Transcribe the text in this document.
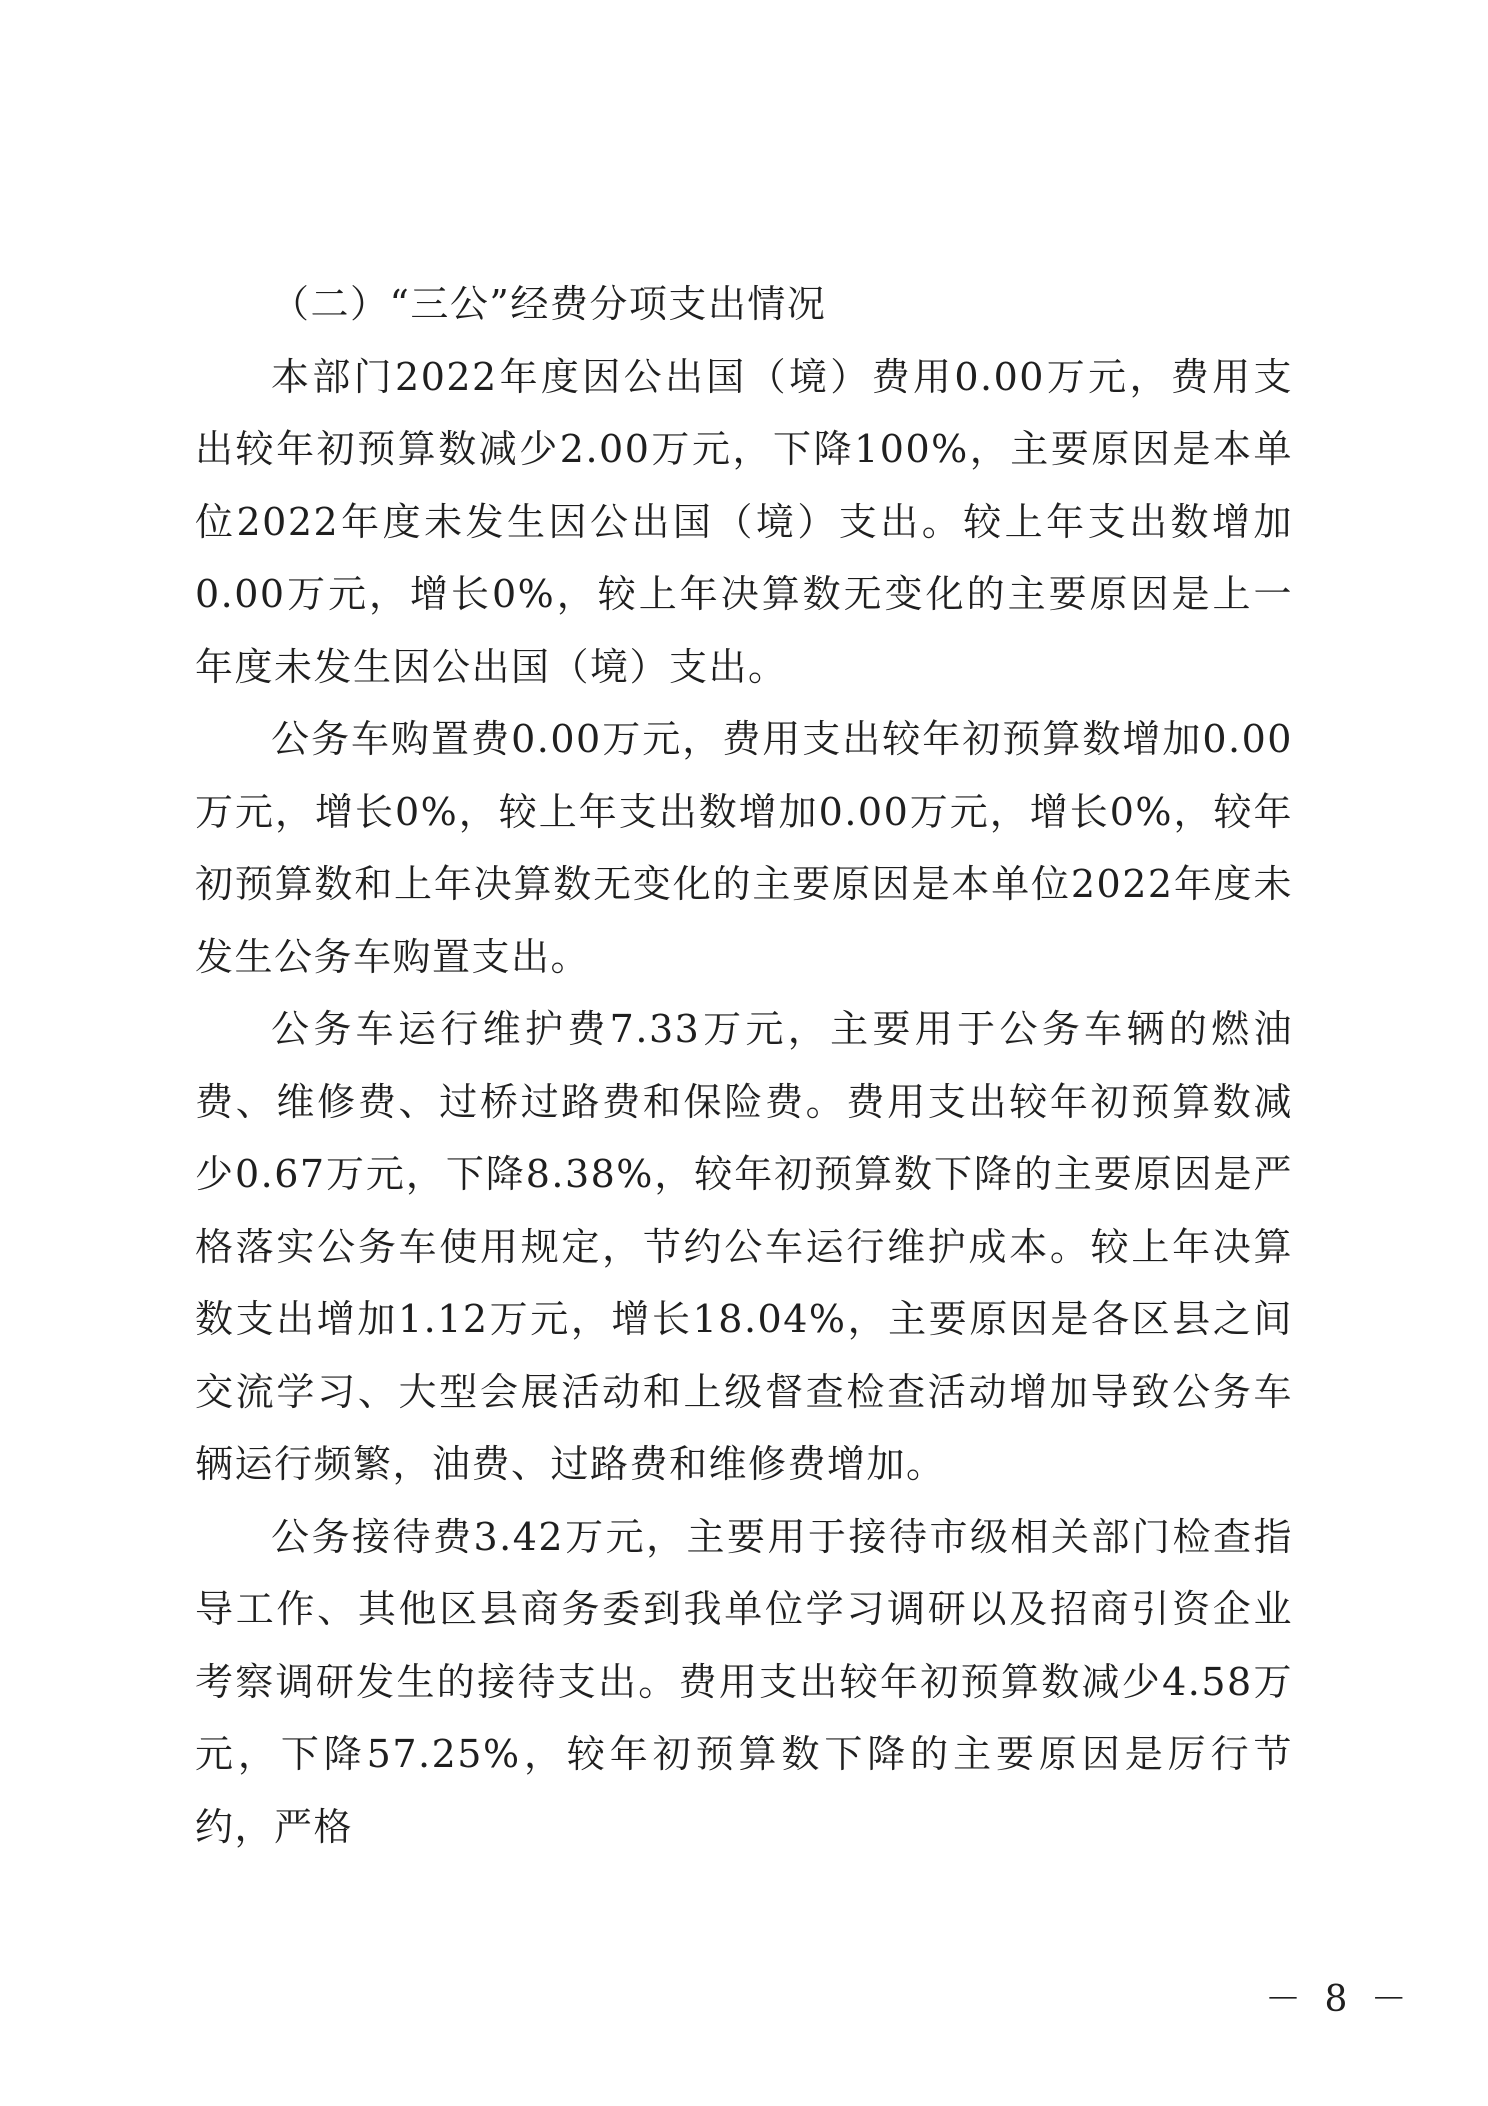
（二）“三公”经费分项支出情况

本部门2022年度因公出国（境）费用0.00万元，费用支出较年初预算数减少2.00万元，下降100%，主要原因是本单位2022年度未发生因公出国（境）支出。较上年支出数增加0.00万元，增长0%，较上年决算数无变化的主要原因是上一年度未发生因公出国（境）支出。

公务车购置费0.00万元，费用支出较年初预算数增加0.00万元，增长0%，较上年支出数增加0.00万元，增长0%，较年初预算数和上年决算数无变化的主要原因是本单位2022年度未发生公务车购置支出。

公务车运行维护费7.33万元，主要用于公务车辆的燃油费、维修费、过桥过路费和保险费。费用支出较年初预算数减少0.67万元，下降8.38%，较年初预算数下降的主要原因是严格落实公务车使用规定，节约公车运行维护成本。较上年决算数支出增加1.12万元，增长18.04%，主要原因是各区县之间交流学习、大型会展活动和上级督查检查活动增加导致公务车辆运行频繁，油费、过路费和维修费增加。

公务接待费3.42万元，主要用于接待市级相关部门检查指导工作、其他区县商务委到我单位学习调研以及招商引资企业考察调研发生的接待支出。费用支出较年初预算数减少4.58万元，下降57.25%，较年初预算数下降的主要原因是厉行节约，严格

－ 8 －
